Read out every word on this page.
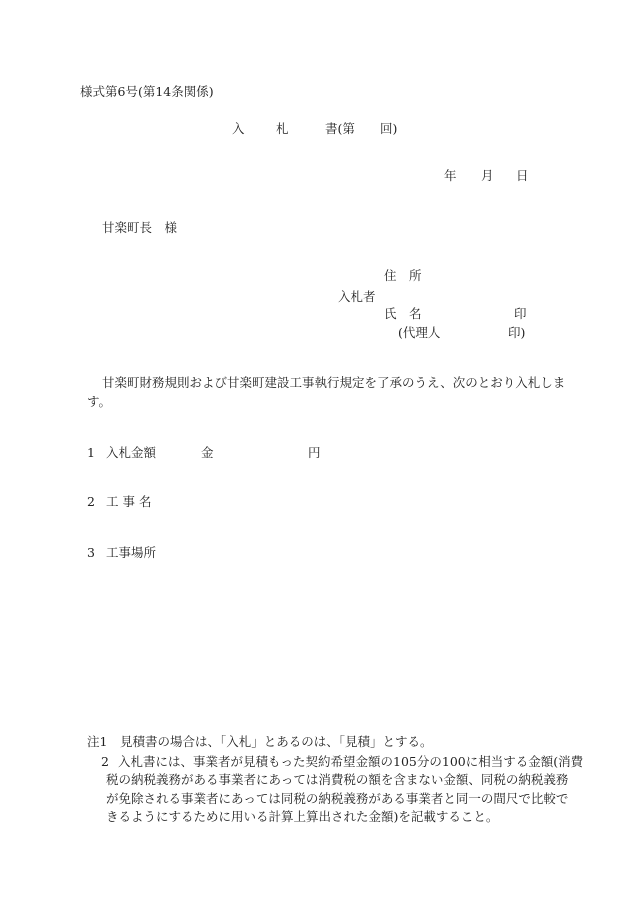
様式第6号(第14条関係)
入	札	書(第 回)
年 月 日
甘楽町長　様
住　所
入札者
氏　名	印
(代理人	印)
甘楽町財務規則および甘楽町建設工事執行規定を了承のうえ、次のとおり入札しま
す。
1 入札金額	金	円
2 工 事 名
3 工事場所
注1　見積書の場合は、「入札」とあるのは、「見積」とする。
2 入札書には、事業者が見積もった契約希望金額の105分の100に相当する金額(消費
税の納税義務がある事業者にあっては消費税の額を含まない金額、同税の納税義務
が免除される事業者にあっては同税の納税義務がある事業者と同一の間尺で比較で
きるようにするために用いる計算上算出された金額)を記載すること。
